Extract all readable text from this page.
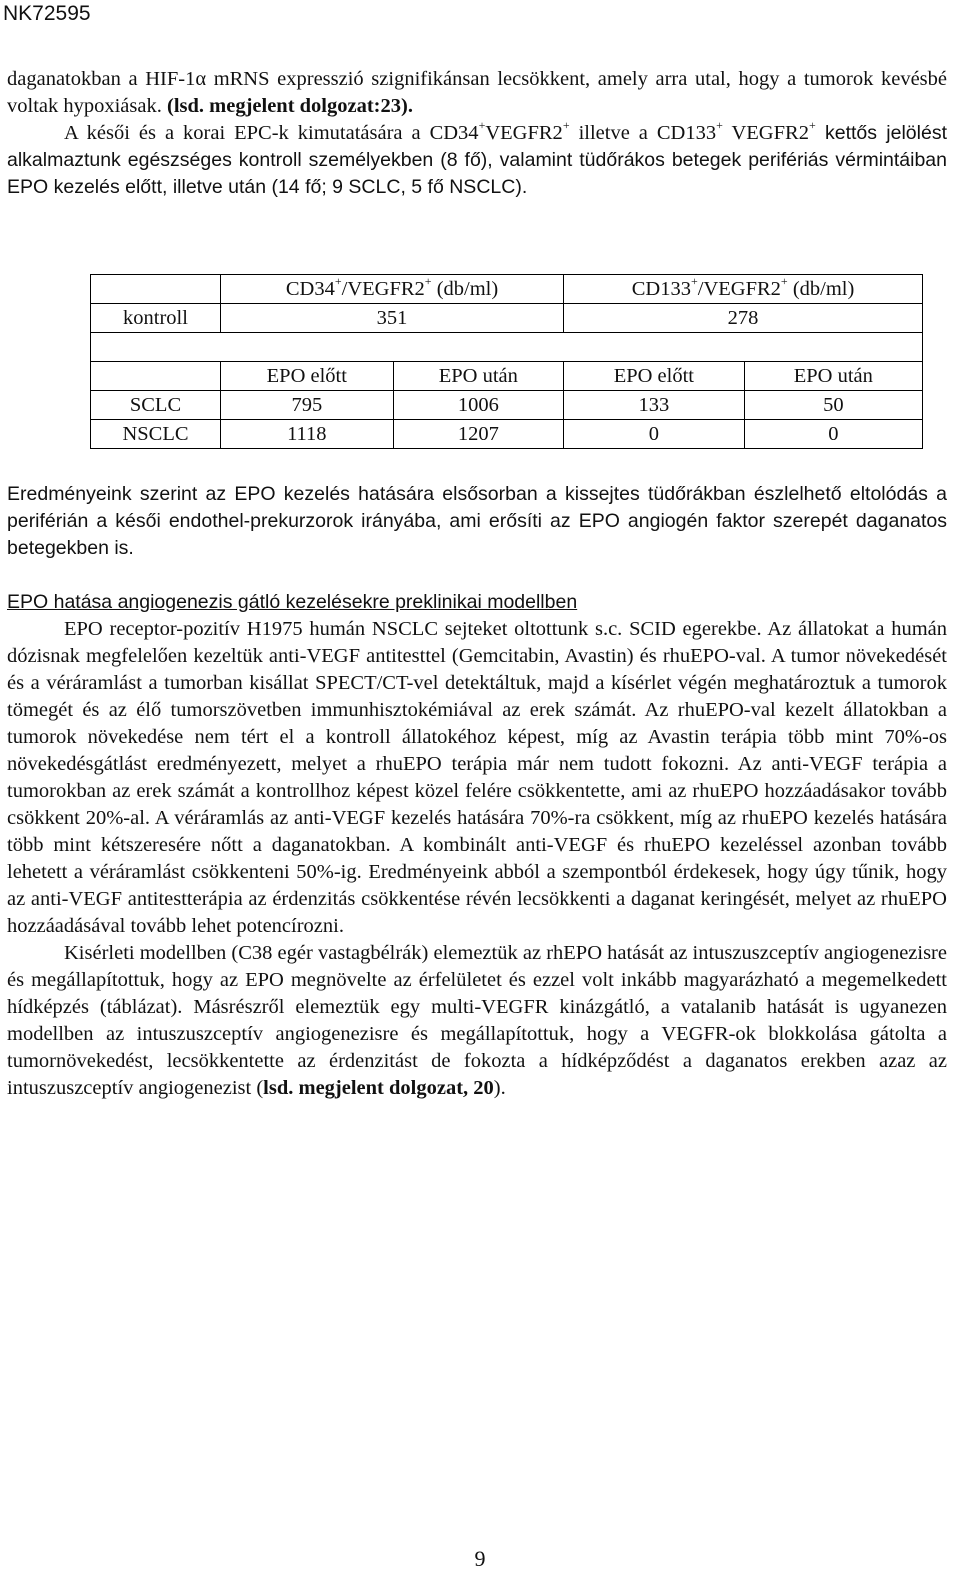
NK72595

daganatokban a HIF-1α mRNS expresszió szignifikánsan lecsökkent, amely arra utal, hogy a tumorok kevésbé voltak hypoxiásak. (lsd. megjelent dolgozat:23).

A késői és a korai EPC-k kimutatására a CD34+VEGFR2+ illetve a CD133+ VEGFR2+ kettős jelölést alkalmaztunk egészséges kontroll személyekben (8 fő), valamint tüdőrákos betegek perifériás vérmintáiban EPO kezelés előtt, illetve után (14 fő; 9 SCLC, 5 fő NSCLC).

	CD34+/VEGFR2+ (db/ml)		CD133+/VEGFR2+ (db/ml)	
kontroll	351		278	

	EPO előtt	EPO után	EPO előtt	EPO után
SCLC	795	1006	133	50
NSCLC	1118	1207	0	0

Eredményeink szerint az EPO kezelés hatására elsősorban a kissejtes tüdőrákban észlelhető eltolódás a periférián a késői endothel-prekurzorok irányába, ami erősíti az EPO angiogén faktor szerepét daganatos betegekben is.

EPO hatása angiogenezis gátló kezelésekre preklinikai modellben

EPO receptor-pozitív H1975 humán NSCLC sejteket oltottunk s.c. SCID egerekbe. Az állatokat a humán dózisnak megfelelően kezeltük anti-VEGF antitesttel (Gemcitabin, Avastin) és rhuEPO-val. A tumor növekedését és a véráramlást a tumorban kisállat SPECT/CT-vel detektáltuk, majd a kísérlet végén meghatároztuk a tumorok tömegét és az élő tumorszövetben immunhisztokémiával az erek számát. Az rhuEPO-val kezelt állatokban a tumorok növekedése nem tért el a kontroll állatokéhoz képest, míg az Avastin terápia több mint 70%-os növekedésgátlást eredményezett, melyet a rhuEPO terápia már nem tudott fokozni. Az anti-VEGF terápia a tumorokban az erek számát a kontrollhoz képest közel felére csökkentette, ami az rhuEPO hozzáadásakor tovább csökkent 20%-al. A véráramlás az anti-VEGF kezelés hatására 70%-ra csökkent, míg az rhuEPO kezelés hatására több mint kétszeresére nőtt a daganatokban. A kombinált anti-VEGF és rhuEPO kezeléssel azonban tovább lehetett a véráramlást csökkenteni 50%-ig. Eredményeink abból a szempontból érdekesek, hogy úgy tűnik, hogy az anti-VEGF antitestterápia az érdenzitás csökkentése révén lecsökkenti a daganat keringését, melyet az rhuEPO hozzáadásával tovább lehet potencírozni.

Kisérleti modellben (C38 egér vastagbélrák) elemeztük az rhEPO hatását az intuszuszceptív angiogenezisre és megállapítottuk, hogy az EPO megnövelte az érfelületet és ezzel volt inkább magyarázható a megemelkedett hídképzés (táblázat). Másrészről elemeztük egy multi-VEGFR kinázgátló, a vatalanib hatását is ugyanezen modellben az intuszuszceptív angiogenezisre és megállapítottuk, hogy a VEGFR-ok blokkolása gátolta a tumornövekedést, lecsökkentette az érdenzitást de fokozta a hídképződést a daganatos erekben azaz az intuszuszceptív angiogenezist (lsd. megjelent dolgozat, 20).

9
